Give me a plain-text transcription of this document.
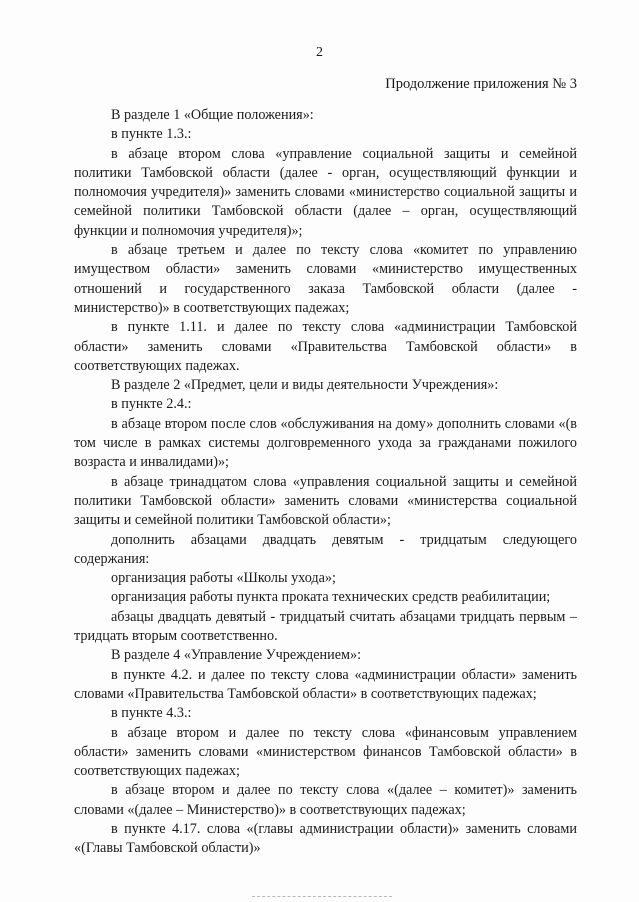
2
Продолжение приложения № 3

В разделе 1 «Общие положения»:

в пункте 1.3.:

в абзаце втором слова «управление социальной защиты и семейной политики Тамбовской области (далее - орган, осуществляющий функции и полномочия учредителя)» заменить словами «министерство социальной защиты и семейной политики Тамбовской области (далее – орган, осуществляющий функции и полномочия учредителя)»;

в абзаце третьем и далее по тексту слова «комитет по управлению имуществом области» заменить словами «министерство имущественных отношений и государственного заказа Тамбовской области (далее - министерство)» в соответствующих падежах;

в пункте 1.11. и далее по тексту слова «администрации Тамбовской области» заменить словами «Правительства Тамбовской области» в соответствующих падежах.

В разделе 2 «Предмет, цели и виды деятельности Учреждения»:

в пункте 2.4.:

в абзаце втором после слов «обслуживания на дому» дополнить словами «(в том числе в рамках системы долговременного ухода за гражданами пожилого возраста и инвалидами)»;

в абзаце тринадцатом слова «управления социальной защиты и семейной политики Тамбовской области» заменить словами «министерства социальной защиты и семейной политики Тамбовской области»;

дополнить абзацами двадцать девятым - тридцатым следующего содержания:

организация работы «Школы ухода»;

организация работы пункта проката технических средств реабилитации;

абзацы двадцать девятый - тридцатый считать абзацами тридцать первым – тридцать вторым соответственно.

В разделе 4 «Управление Учреждением»:

в пункте 4.2. и далее по тексту слова «администрации области» заменить словами «Правительства Тамбовской области» в соответствующих падежах;

в пункте 4.3.:

в абзаце втором и далее по тексту слова «финансовым управлением области» заменить словами «министерством финансов Тамбовской области» в соответствующих падежах;

в абзаце втором и далее по тексту слова «(далее – комитет)» заменить словами «(далее – Министерство)» в соответствующих падежах;

в пункте 4.17. слова «(главы администрации области)» заменить словами «(Главы Тамбовской области)»
